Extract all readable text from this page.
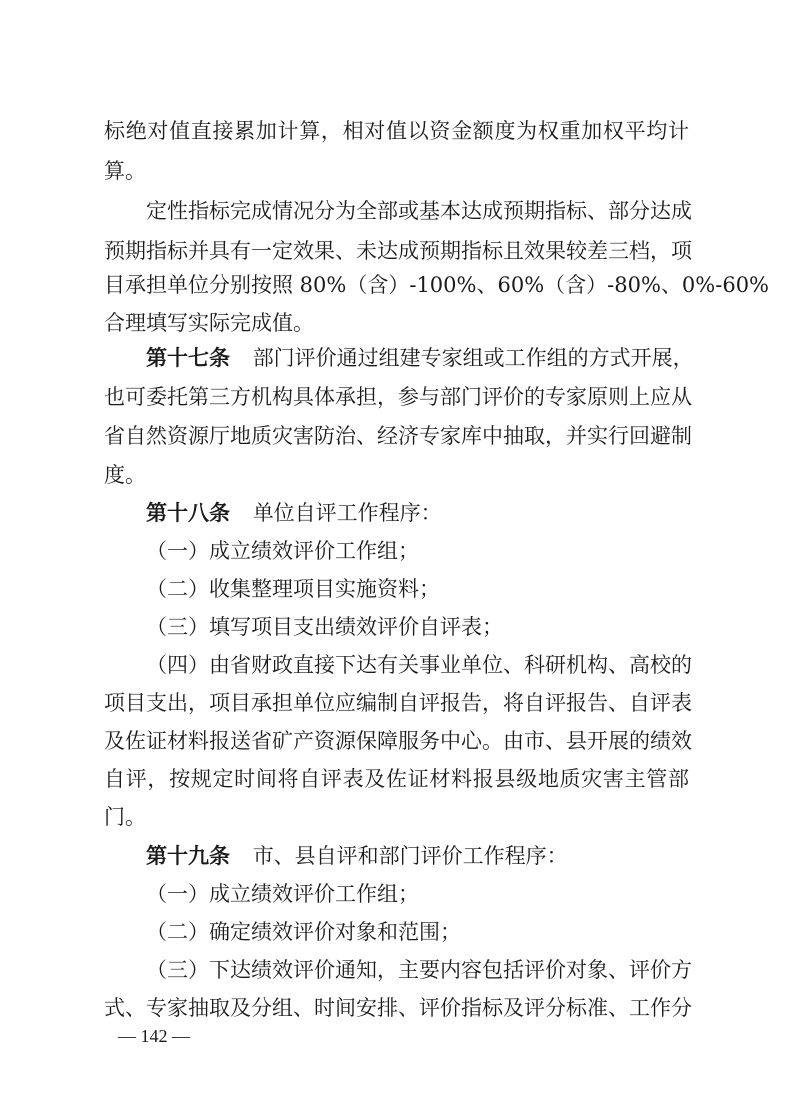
标绝对值直接累加计算，相对值以资金额度为权重加权平均计
算。
定性指标完成情况分为全部或基本达成预期指标、部分达成
预期指标并具有一定效果、未达成预期指标且效果较差三档，项
目承担单位分别按照 80%（含）-100%、60%（含）-80%、0%-60%
合理填写实际完成值。
第十七条 部门评价通过组建专家组或工作组的方式开展，
也可委托第三方机构具体承担，参与部门评价的专家原则上应从
省自然资源厅地质灾害防治、经济专家库中抽取，并实行回避制
度。
第十八条 单位自评工作程序：
（一）成立绩效评价工作组；
（二）收集整理项目实施资料；
（三）填写项目支出绩效评价自评表；
（四）由省财政直接下达有关事业单位、科研机构、高校的
项目支出，项目承担单位应编制自评报告，将自评报告、自评表
及佐证材料报送省矿产资源保障服务中心。由市、县开展的绩效
自评，按规定时间将自评表及佐证材料报县级地质灾害主管部
门。
第十九条 市、县自评和部门评价工作程序：
（一）成立绩效评价工作组；
（二）确定绩效评价对象和范围；
（三）下达绩效评价通知，主要内容包括评价对象、评价方
式、专家抽取及分组、时间安排、评价指标及评分标准、工作分
— 142 —
